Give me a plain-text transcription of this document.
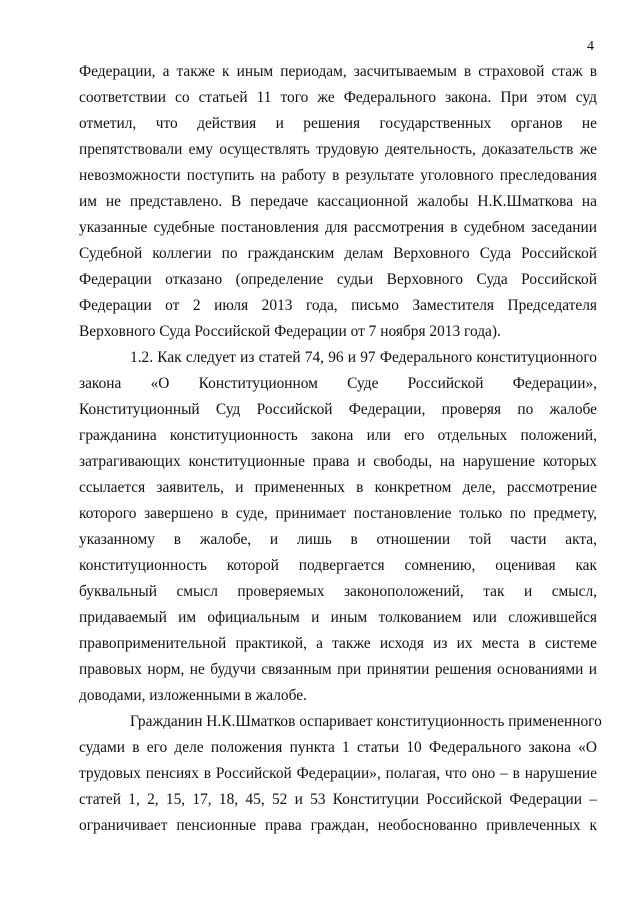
4
Федерации, а также к иным периодам, засчитываемым в страховой стаж в
соответствии со статьей 11 того же Федерального закона. При этом суд
отметил, что действия и решения государственных органов не
препятствовали ему осуществлять трудовую деятельность, доказательств же
невозможности поступить на работу в результате уголовного преследования
им не представлено. В передаче кассационной жалобы Н.К.Шматкова на
указанные судебные постановления для рассмотрения в судебном заседании
Судебной коллегии по гражданским делам Верховного Суда Российской
Федерации отказано (определение судьи Верховного Суда Российской
Федерации от 2 июля 2013 года, письмо Заместителя Председателя
Верховного Суда Российской Федерации от 7 ноября 2013 года).
1.2. Как следует из статей 74, 96 и 97 Федерального конституционного
закона «О Конституционном Суде Российской Федерации»,
Конституционный Суд Российской Федерации, проверяя по жалобе
гражданина конституционность закона или его отдельных положений,
затрагивающих конституционные права и свободы, на нарушение которых
ссылается заявитель, и примененных в конкретном деле, рассмотрение
которого завершено в суде, принимает постановление только по предмету,
указанному в жалобе, и лишь в отношении той части акта,
конституционность которой подвергается сомнению, оценивая как
буквальный смысл проверяемых законоположений, так и смысл,
придаваемый им официальным и иным толкованием или сложившейся
правоприменительной практикой, а также исходя из их места в системе
правовых норм, не будучи связанным при принятии решения основаниями и
доводами, изложенными в жалобе.
Гражданин Н.К.Шматков оспаривает конституционность примененного
судами в его деле положения пункта 1 статьи 10 Федерального закона «О
трудовых пенсиях в Российской Федерации», полагая, что оно – в нарушение
статей 1, 2, 15, 17, 18, 45, 52 и 53 Конституции Российской Федерации –
ограничивает пенсионные права граждан, необоснованно привлеченных к
